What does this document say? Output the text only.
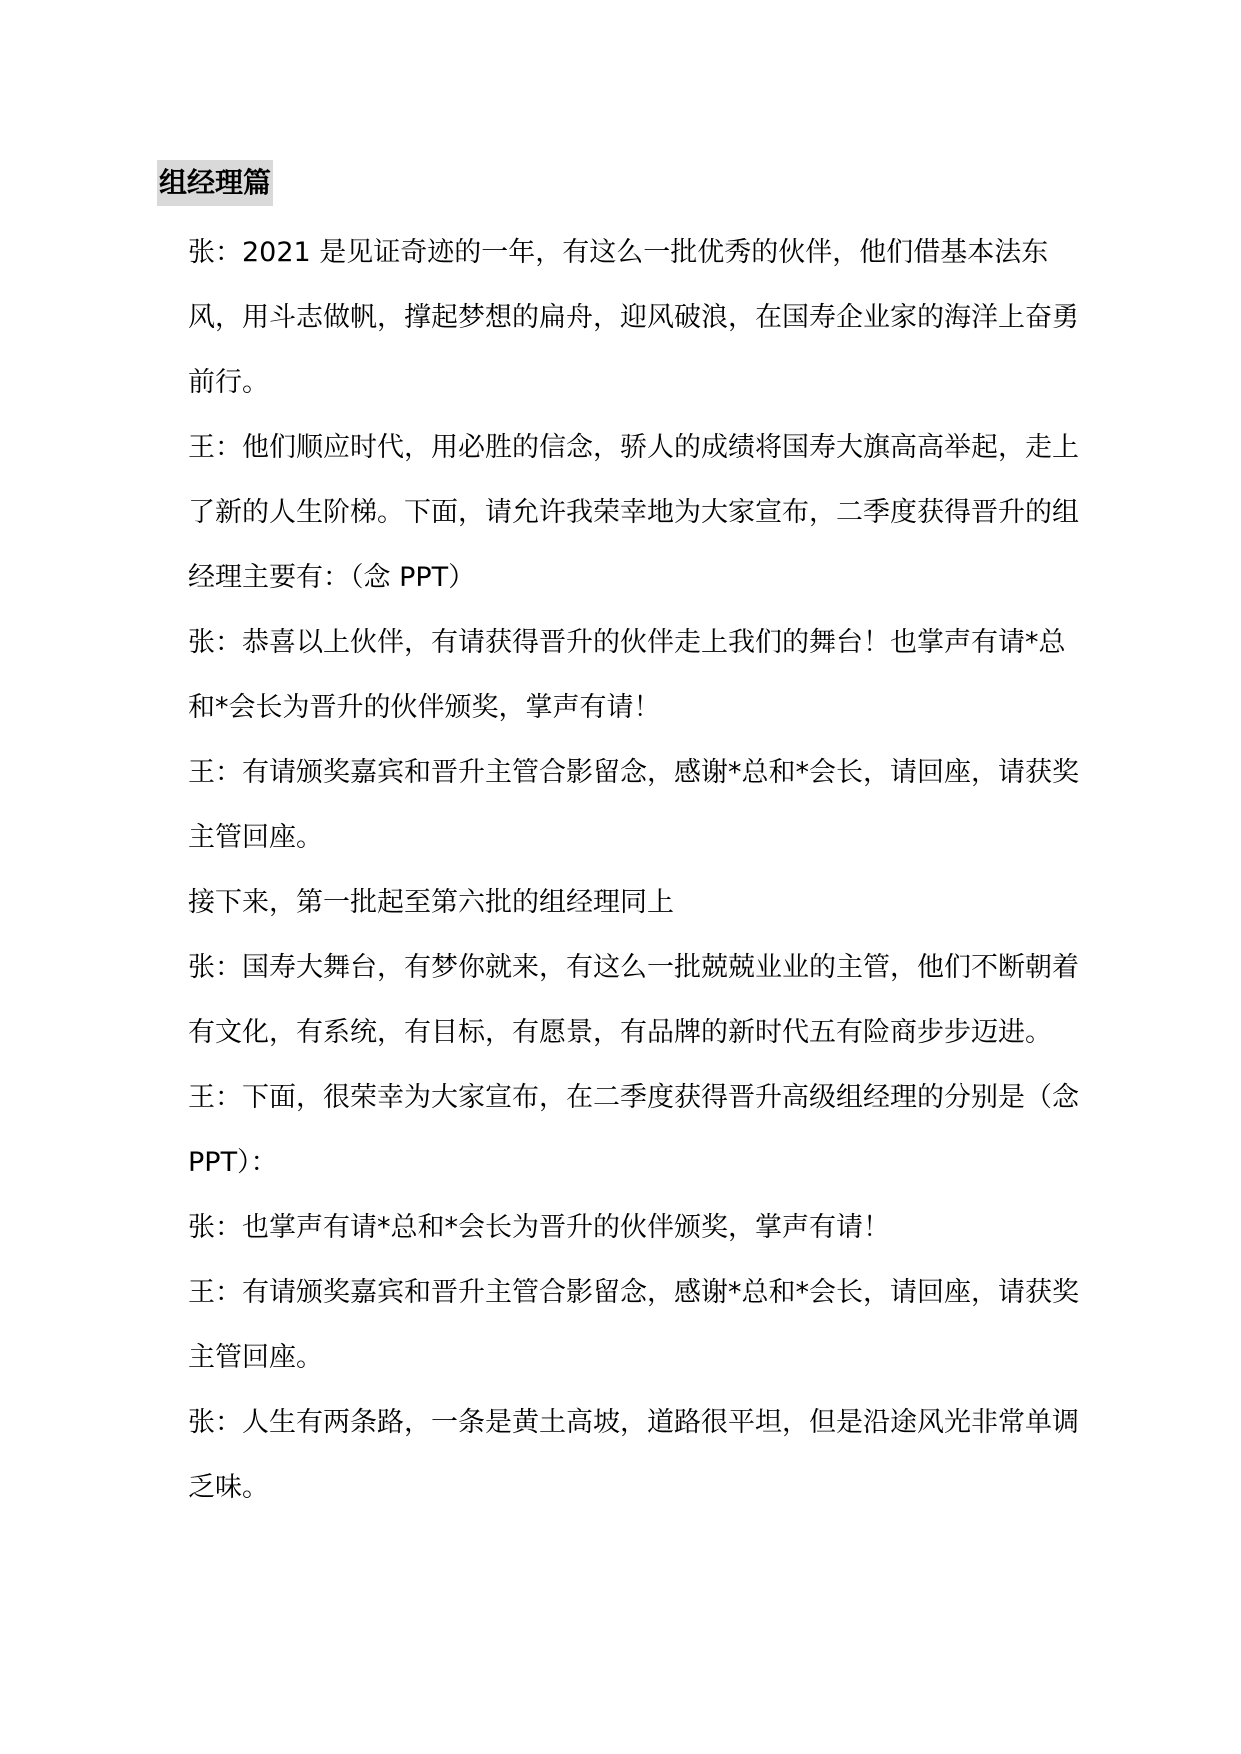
组经理篇

张：2021 是见证奇迹的一年，有这么一批优秀的伙伴，他们借基本法东风，用斗志做帆，撑起梦想的扁舟，迎风破浪，在国寿企业家的海洋上奋勇前行。

王：他们顺应时代，用必胜的信念，骄人的成绩将国寿大旗高高举起，走上了新的人生阶梯。下面，请允许我荣幸地为大家宣布，二季度获得晋升的组经理主要有：（念 PPT）

张：恭喜以上伙伴，有请获得晋升的伙伴走上我们的舞台！也掌声有请*总和*会长为晋升的伙伴颁奖，掌声有请！

王：有请颁奖嘉宾和晋升主管合影留念，感谢*总和*会长，请回座，请获奖主管回座。

接下来，第一批起至第六批的组经理同上

张：国寿大舞台，有梦你就来，有这么一批兢兢业业的主管，他们不断朝着有文化，有系统，有目标，有愿景，有品牌的新时代五有险商步步迈进。

王：下面，很荣幸为大家宣布，在二季度获得晋升高级组经理的分别是（念 PPT）：

张：也掌声有请*总和*会长为晋升的伙伴颁奖，掌声有请！

王：有请颁奖嘉宾和晋升主管合影留念，感谢*总和*会长，请回座，请获奖主管回座。

张：人生有两条路，一条是黄土高坡，道路很平坦，但是沿途风光非常单调乏味。
